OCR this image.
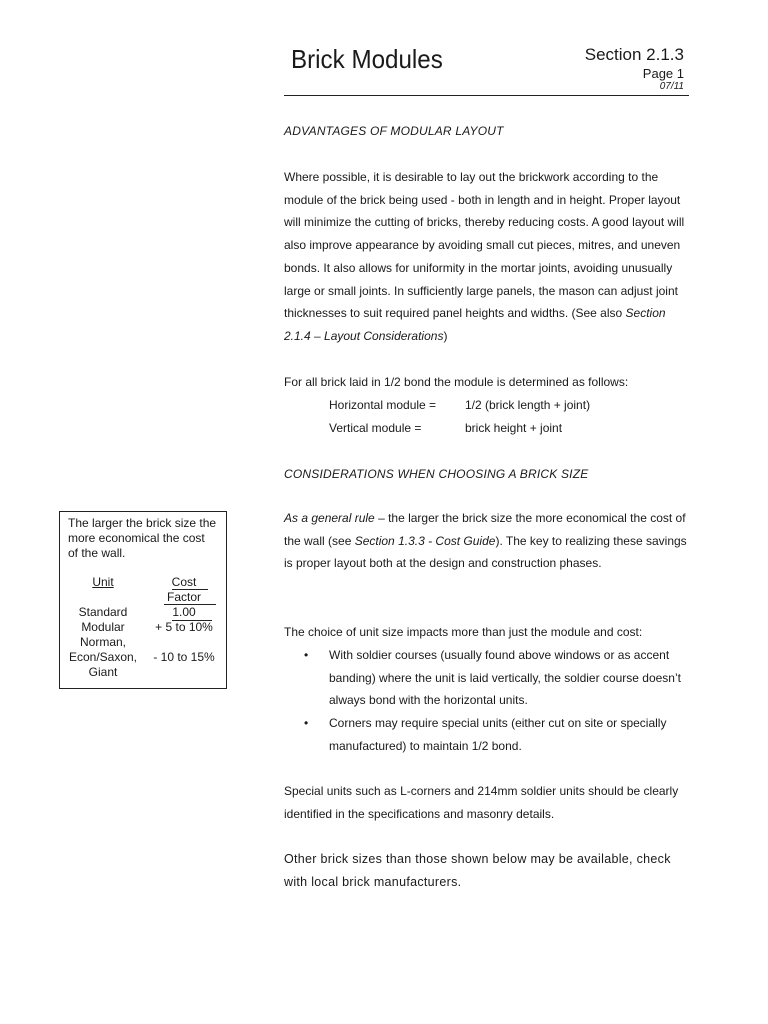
Brick Modules	Section 2.1.3
Page 1
07/11
ADVANTAGES OF MODULAR LAYOUT
Where possible, it is desirable to lay out the brickwork according to the module of the brick being used - both in length and in height. Proper layout will minimize the cutting of bricks, thereby reducing costs. A good layout will also improve appearance by avoiding small cut pieces, mitres, and uneven bonds. It also allows for uniformity in the mortar joints, avoiding unusually large or small joints. In sufficiently large panels, the mason can adjust joint thicknesses to suit required panel heights and widths. (See also Section 2.1.4 – Layout Considerations)
For all brick laid in 1/2 bond the module is determined as follows:
Horizontal module = 1/2 (brick length + joint)
Vertical module =	brick height + joint
CONSIDERATIONS WHEN CHOOSING A BRICK SIZE
As a general rule – the larger the brick size the more economical the cost of the wall (see Section 1.3.3 - Cost Guide). The key to realizing these savings is proper layout both at the design and construction phases.
The choice of unit size impacts more than just the module and cost:
• With soldier courses (usually found above windows or as accent banding) where the unit is laid vertically, the soldier course doesn’t always bond with the horizontal units.
• Corners may require special units (either cut on site or specially manufactured) to maintain 1/2 bond.
Special units such as L-corners and 214mm soldier units should be clearly identified in the specifications and masonry details.
Other brick sizes than those shown below may be available, check with local brick manufacturers.

The larger the brick size the more economical the cost of the wall.

Unit	Cost
Factor
Standard	1.00
Modular	+ 5 to 10%
Norman,
Econ/Saxon,	- 10 to 15%
Giant
